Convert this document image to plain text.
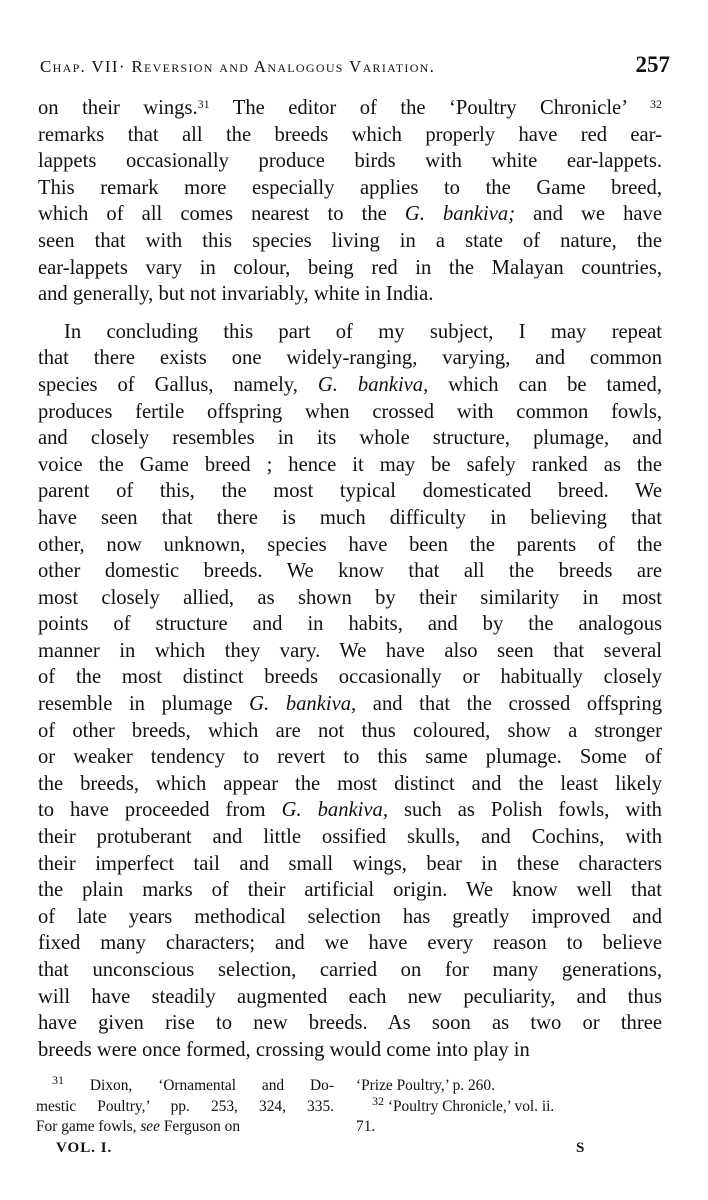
Chap. VII· Reversion and Analogous Variation.	257
on their wings.$^{31}$ The editor of the ‘Poultry Chronicle’ $^{32}$
remarks that all the breeds which properly have red ear-
lappets occasionally produce birds with white ear-lappets.
This remark more especially applies to the Game breed,
which of all comes nearest to the G. bankiva; and we have
seen that with this species living in a state of nature, the
ear-lappets vary in colour, being red in the Malayan countries,
and generally, but not invariably, white in India.
In concluding this part of my subject, I may repeat
that there exists one widely-ranging, varying, and common
species of Gallus, namely, G. bankiva, which can be tamed,
produces fertile offspring when crossed with common fowls,
and closely resembles in its whole structure, plumage, and
voice the Game breed ; hence it may be safely ranked as the
parent of this, the most typical domesticated breed. We
have seen that there is much difficulty in believing that
other, now unknown, species have been the parents of the
other domestic breeds. We know that all the breeds are
most closely allied, as shown by their similarity in most
points of structure and in habits, and by the analogous
manner in which they vary. We have also seen that several
of the most distinct breeds occasionally or habitually closely
resemble in plumage G. bankiva, and that the crossed offspring
of other breeds, which are not thus coloured, show a stronger
or weaker tendency to revert to this same plumage. Some of
the breeds, which appear the most distinct and the least likely
to have proceeded from G. bankiva, such as Polish fowls, with
their protuberant and little ossified skulls, and Cochins, with
their imperfect tail and small wings, bear in these characters
the plain marks of their artificial origin. We know well that
of late years methodical selection has greatly improved and
fixed many characters; and we have every reason to believe
that unconscious selection, carried on for many generations,
will have steadily augmented each new peculiarity, and thus
have given rise to new breeds. As soon as two or three
breeds were once formed, crossing would come into play in
$^{31}$ Dixon, ‘Ornamental and Do-
mestic Poultry,’ pp. 253, 324, 335.
For game fowls, see Ferguson on
‘Prize Poultry,’ p. 260.
$^{32}$ ‘Poultry Chronicle,’ vol. ii.
71.
VOL. I.	S
